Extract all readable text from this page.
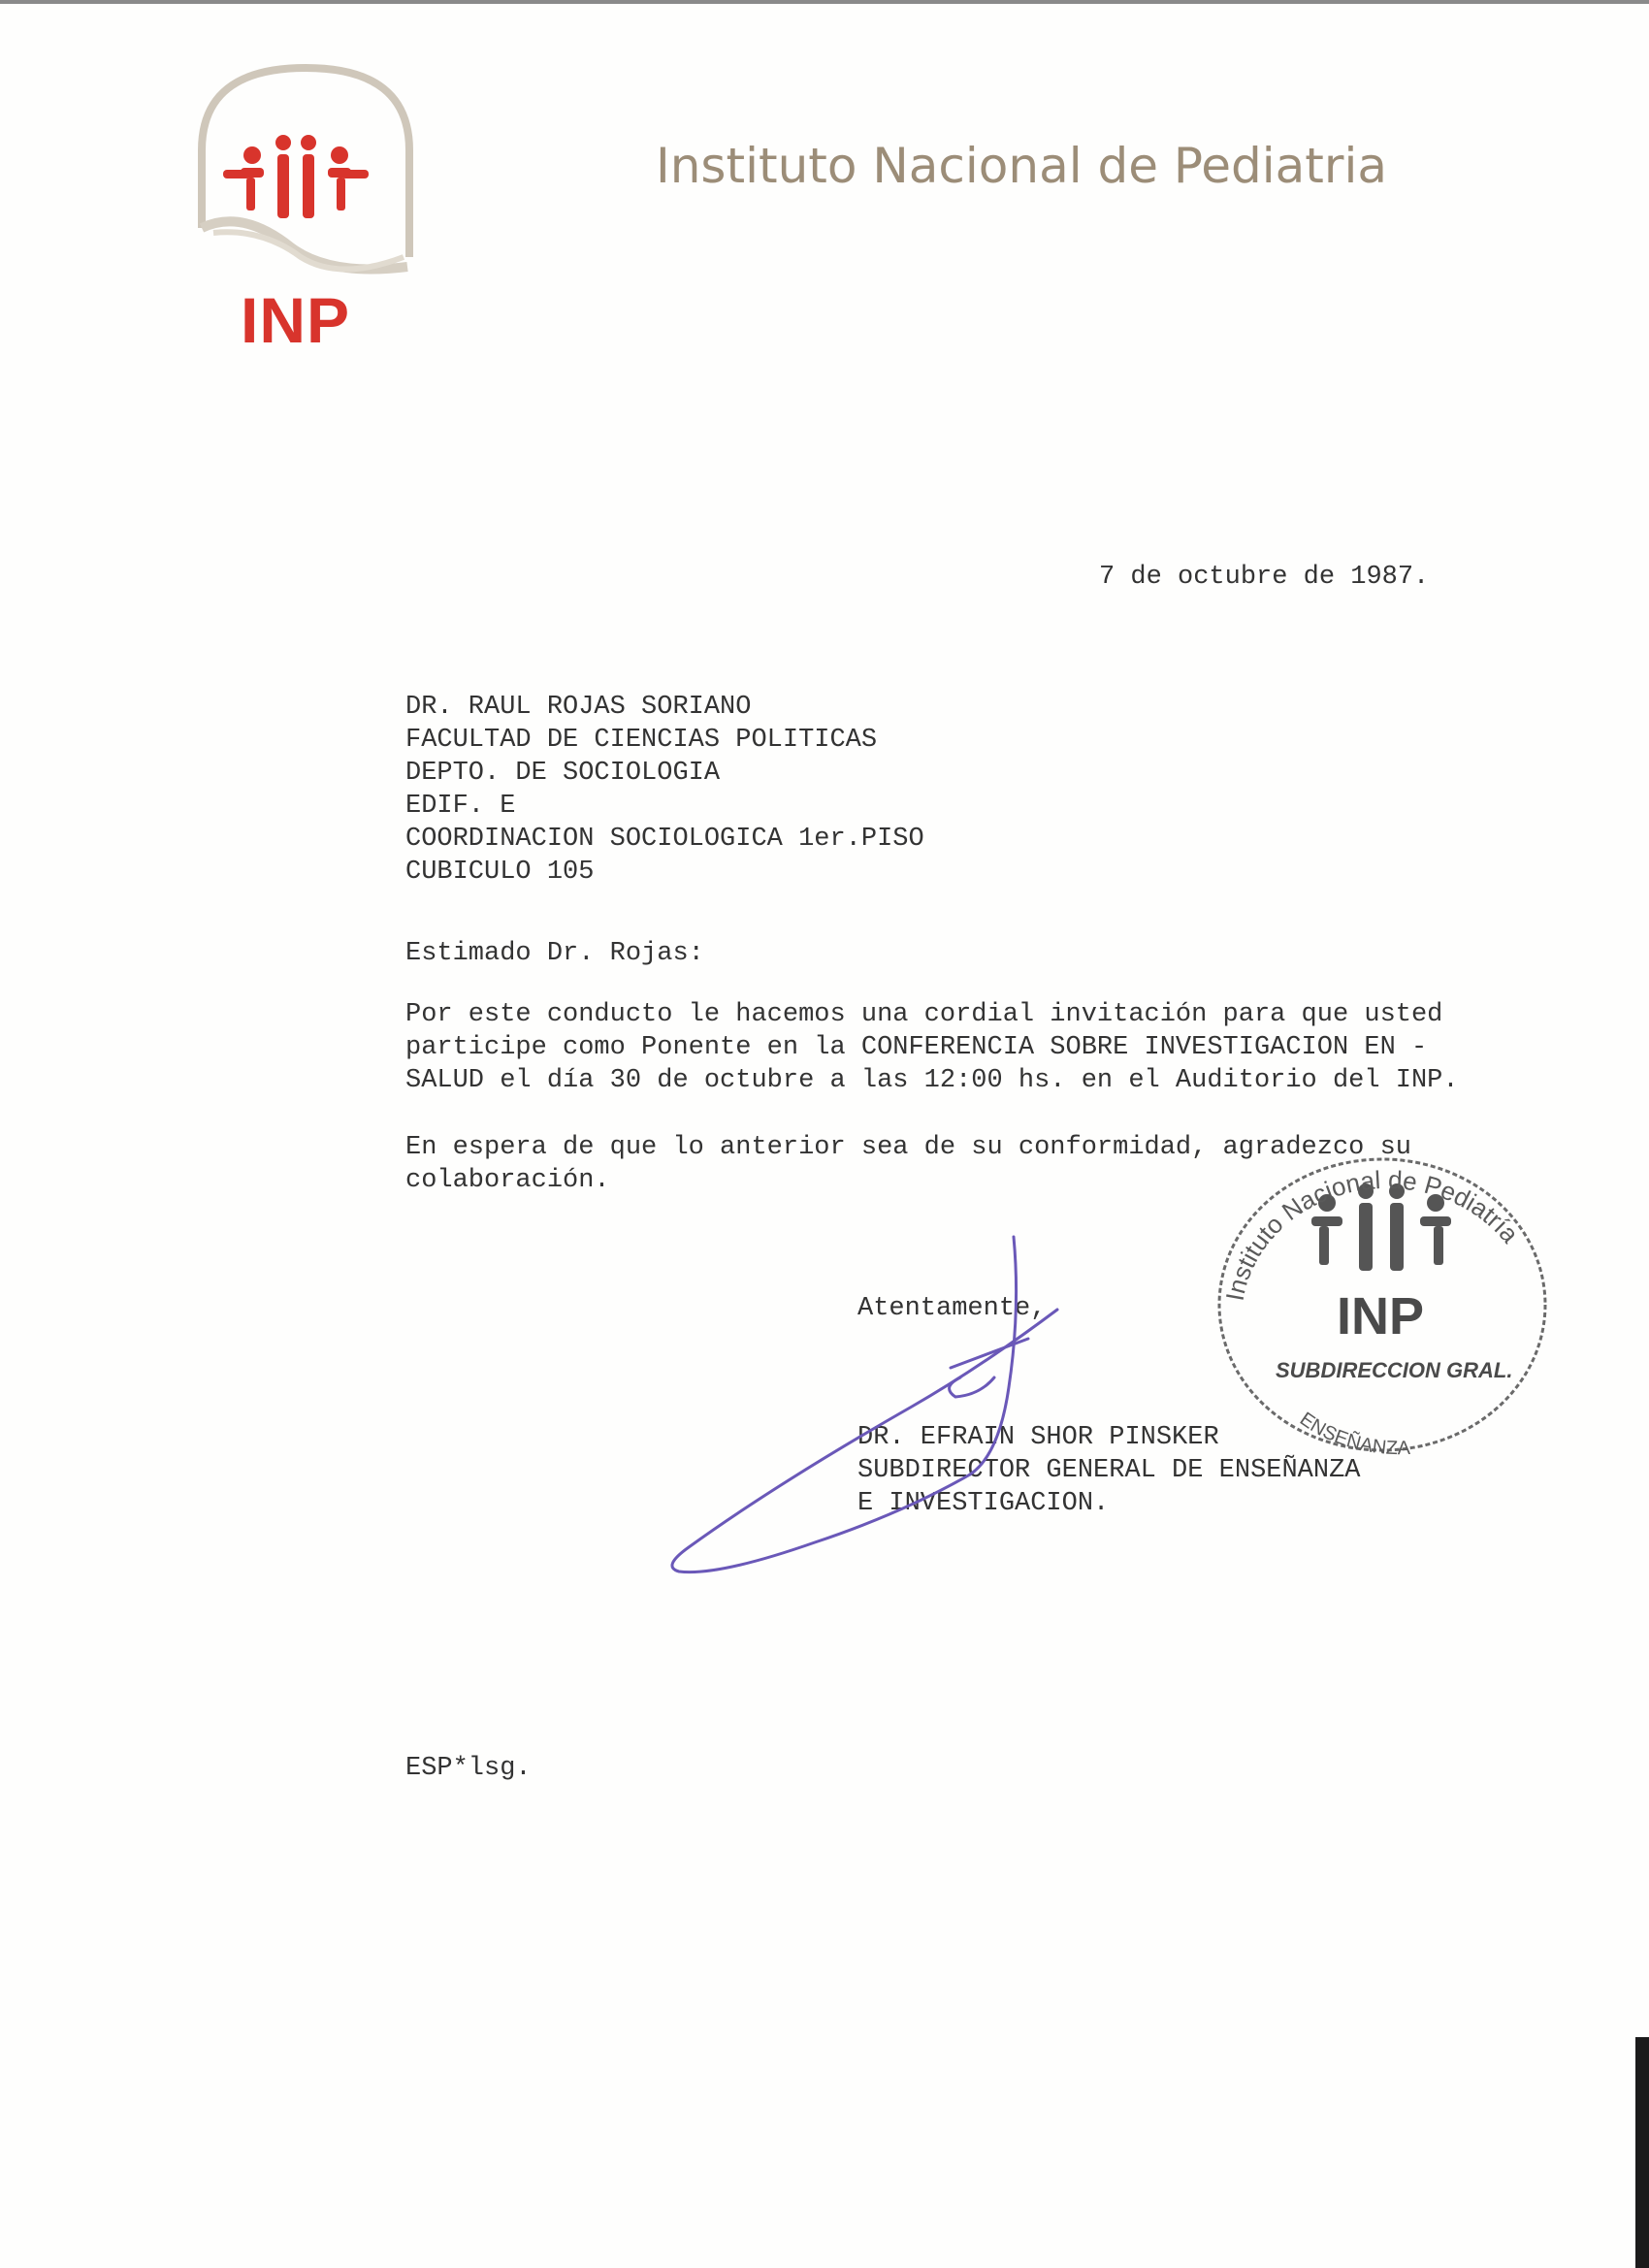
INP
Instituto Nacional de Pediatria
7 de octubre de 1987.
DR. RAUL ROJAS SORIANO
FACULTAD DE CIENCIAS POLITICAS
DEPTO. DE SOCIOLOGIA
EDIF. E
COORDINACION SOCIOLOGICA 1er.PISO
CUBICULO 105
Estimado Dr. Rojas:
Por este conducto le hacemos una cordial invitación para que usted
participe como Ponente en la CONFERENCIA SOBRE INVESTIGACION EN -
SALUD el día 30 de octubre a las 12:00 hs. en el Auditorio del INP.
En espera de que lo anterior sea de su conformidad, agradezco su
colaboración.
Atentamente,
DR. EFRAIN SHOR PINSKER
SUBDIRECTOR GENERAL DE ENSEÑANZA
E INVESTIGACION.
INP
SUBDIRECCION GRAL.
Instituto Nacional de Pediatría
ENSEÑANZA
ESP*lsg.
